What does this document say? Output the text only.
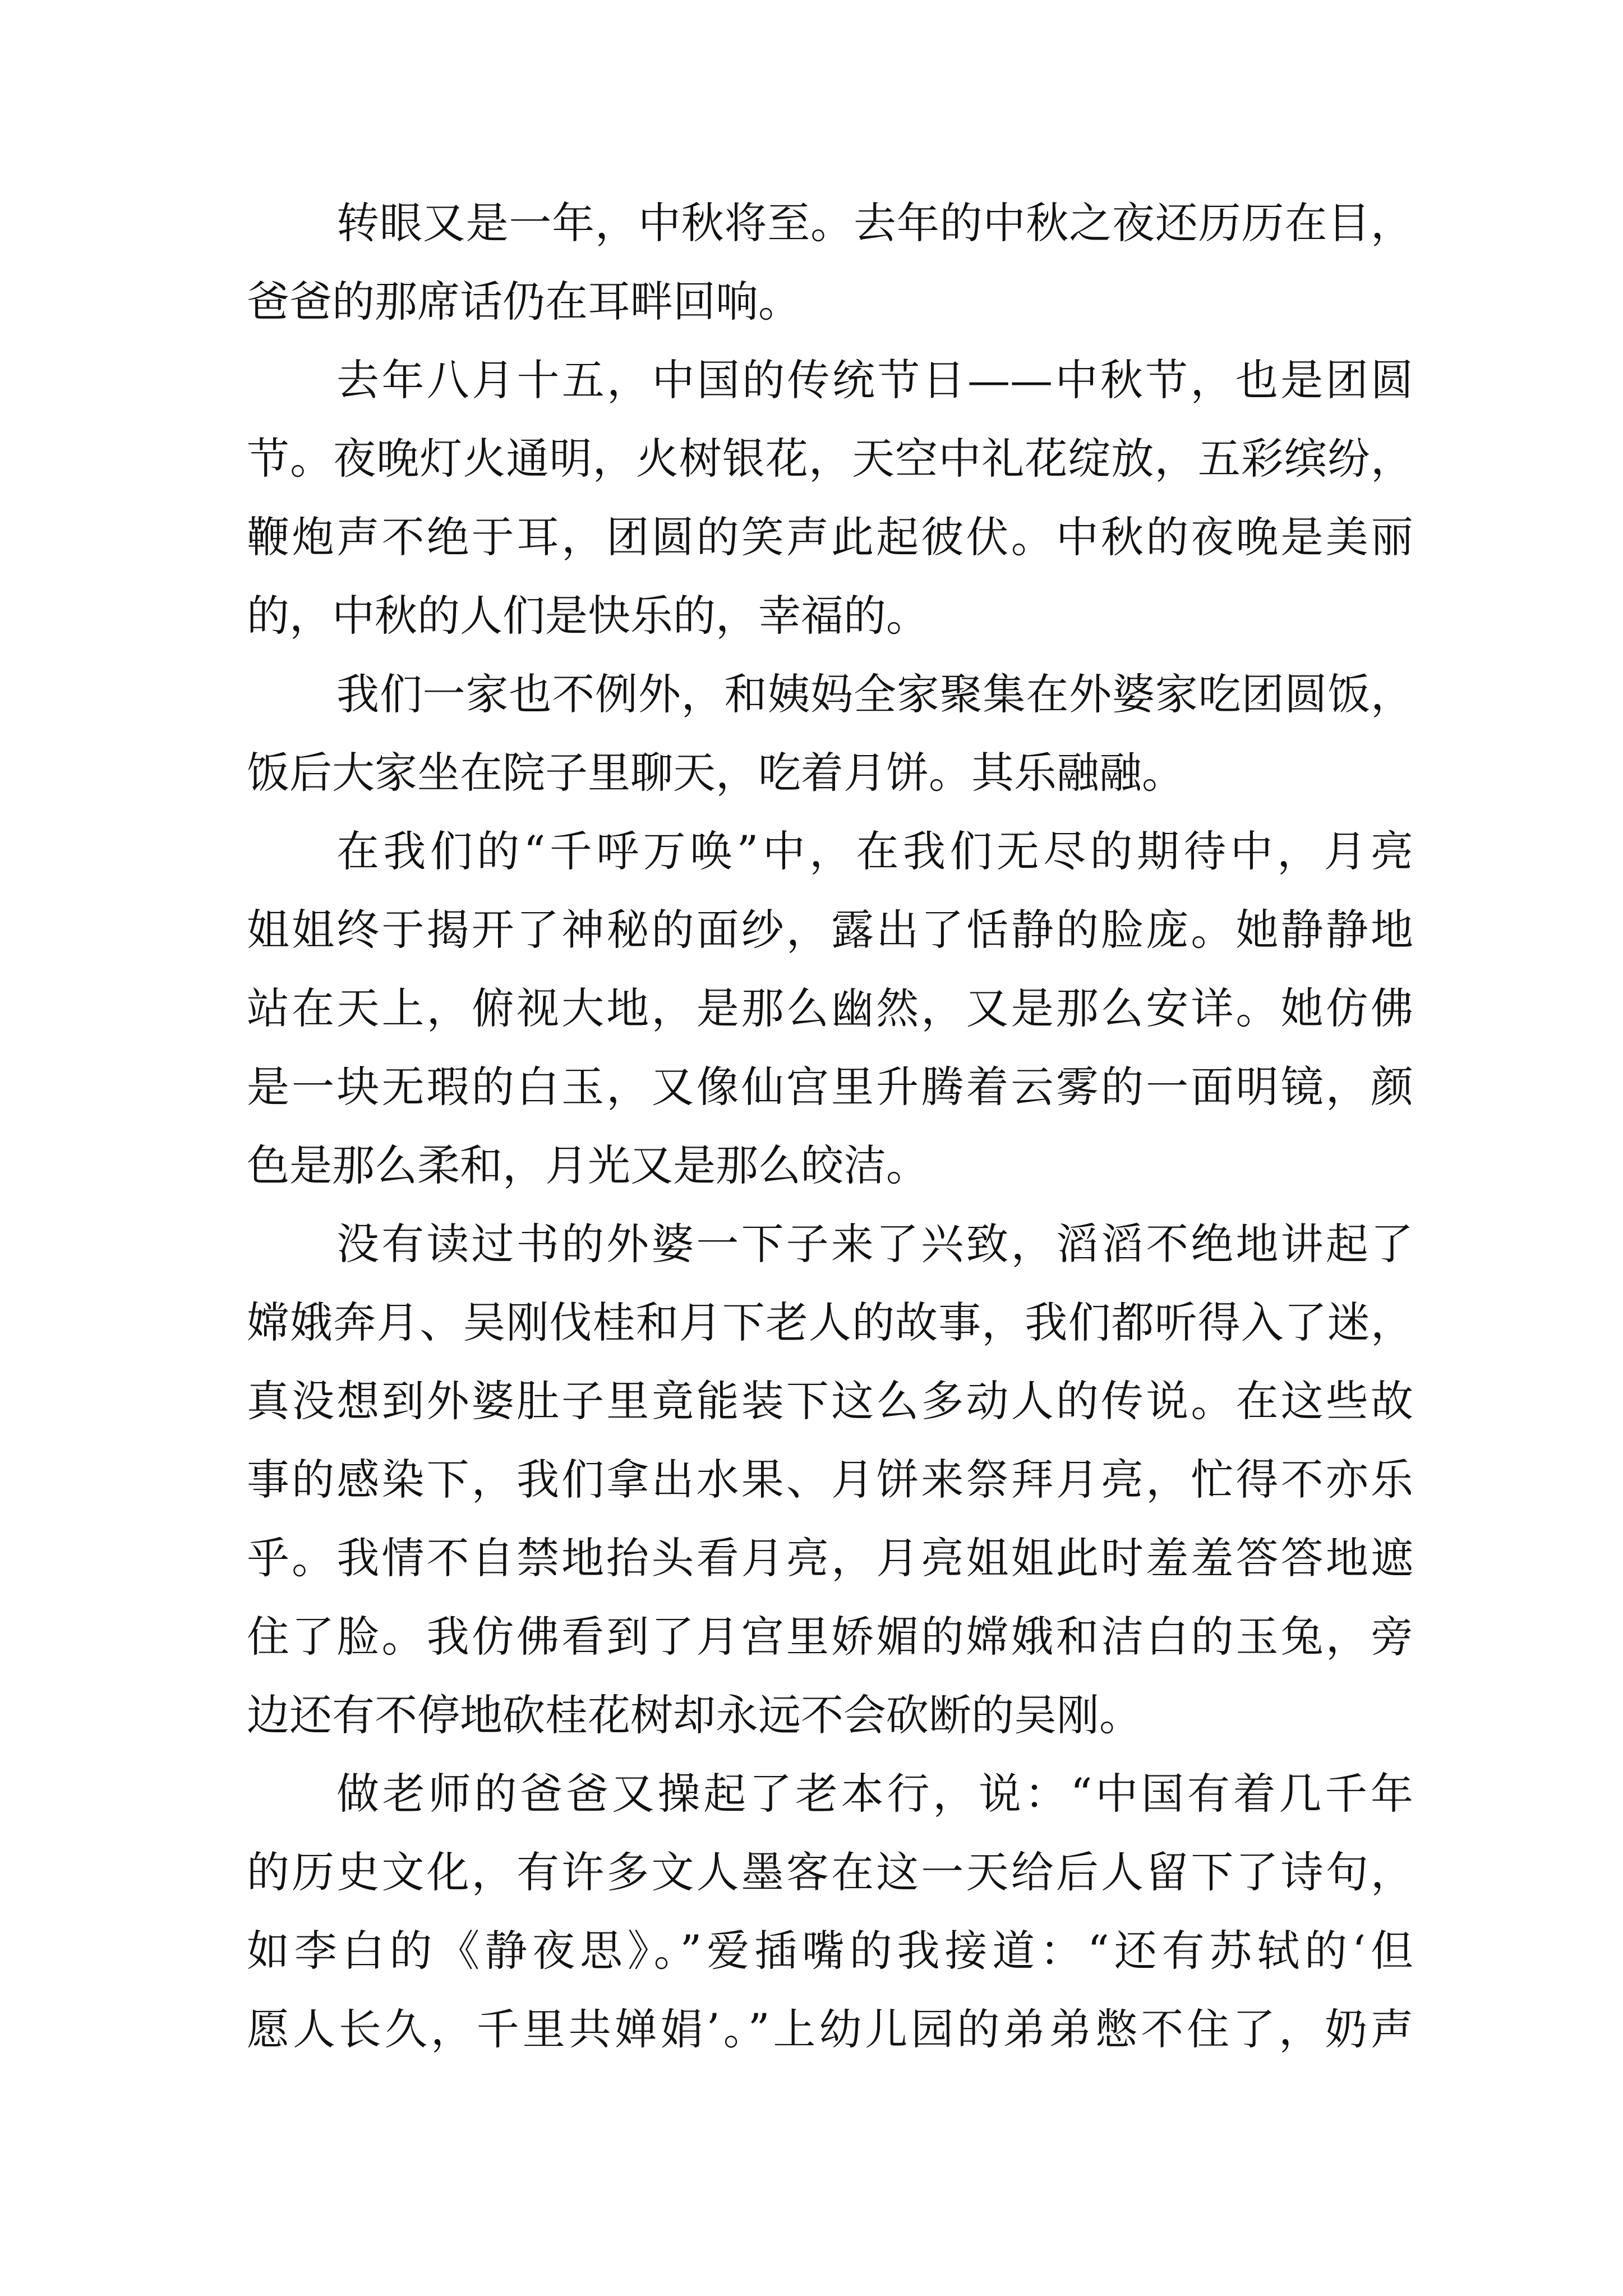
转眼又是一年，中秋将至。去年的中秋之夜还历历在目，
爸爸的那席话仍在耳畔回响。
去年八月十五，中国的传统节日——中秋节，也是团圆
节。夜晚灯火通明，火树银花，天空中礼花绽放，五彩缤纷，
鞭炮声不绝于耳，团圆的笑声此起彼伏。中秋的夜晚是美丽
的，中秋的人们是快乐的，幸福的。
我们一家也不例外，和姨妈全家聚集在外婆家吃团圆饭，
饭后大家坐在院子里聊天，吃着月饼。其乐融融。
在我们的“千呼万唤”中，在我们无尽的期待中，月亮
姐姐终于揭开了神秘的面纱，露出了恬静的脸庞。她静静地
站在天上，俯视大地，是那么幽然，又是那么安详。她仿佛
是一块无瑕的白玉，又像仙宫里升腾着云雾的一面明镜，颜
色是那么柔和，月光又是那么皎洁。
没有读过书的外婆一下子来了兴致，滔滔不绝地讲起了
嫦娥奔月、吴刚伐桂和月下老人的故事，我们都听得入了迷，
真没想到外婆肚子里竟能装下这么多动人的传说。在这些故
事的感染下，我们拿出水果、月饼来祭拜月亮，忙得不亦乐
乎。我情不自禁地抬头看月亮，月亮姐姐此时羞羞答答地遮
住了脸。我仿佛看到了月宫里娇媚的嫦娥和洁白的玉兔，旁
边还有不停地砍桂花树却永远不会砍断的吴刚。
做老师的爸爸又操起了老本行，说：“中国有着几千年
的历史文化，有许多文人墨客在这一天给后人留下了诗句，
如李白的《静夜思》。”爱插嘴的我接道：“还有苏轼的‘但
愿人长久，千里共婵娟’。”上幼儿园的弟弟憋不住了，奶声
